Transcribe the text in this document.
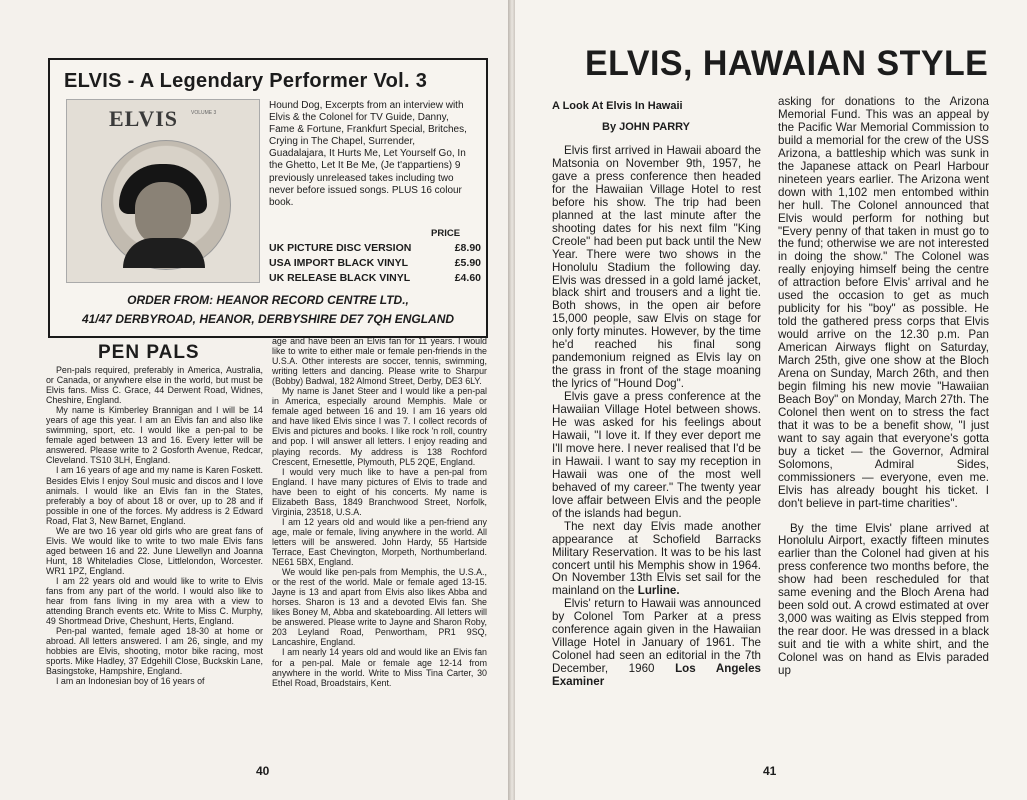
ELVIS - A Legendary Performer Vol. 3
ELVIS	VOLUME 3
Hound Dog, Excerpts from an interview with Elvis & the Colonel for TV Guide, Danny, Fame & Fortune, Frankfurt Special, Britches, Crying in The Chapel, Surrender, Guadalajara, It Hurts Me, Let Yourself Go, In the Ghetto, Let It Be Me, (Je t'appartiens) 9 previously unreleased takes including two never before issued songs. PLUS 16 colour book.
PRICE
UK PICTURE DISC VERSION	£8.90
USA IMPORT BLACK VINYL	£5.90
UK RELEASE BLACK VINYL	£4.60
ORDER FROM: HEANOR RECORD CENTRE LTD.,
41/47 DERBYROAD, HEANOR, DERBYSHIRE DE7 7QH ENGLAND
PEN PALS

Pen-pals required, preferably in America, Australia, or Canada, or anywhere else in the world, but must be Elvis fans. Miss C. Grace, 44 Derwent Road, Widnes, Cheshire, England.

My name is Kimberley Brannigan and I will be 14 years of age this year. I am an Elvis fan and also like swimming, sport, etc. I would like a pen-pal to be female aged between 13 and 16. Every letter will be answered. Please write to 2 Gosforth Avenue, Redcar, Cleveland. TS10 3LH, England.

I am 16 years of age and my name is Karen Foskett. Besides Elvis I enjoy Soul music and discos and I love animals. I would like an Elvis fan in the States, preferably a boy of about 18 or over, up to 28 and if possible in one of the forces. My address is 2 Edward Road, Flat 3, New Barnet, England.

We are two 16 year old girls who are great fans of Elvis. We would like to write to two male Elvis fans aged between 16 and 22. June Llewellyn and Joanna Hunt, 18 Whiteladies Close, Littlelondon, Worcester. WR1 1PZ, England.

I am 22 years old and would like to write to Elvis fans from any part of the world. I would also like to hear from fans living in my area with a view to attending Branch events etc. Write to Miss C. Murphy, 49 Shortmead Drive, Cheshunt, Herts, England.

Pen-pal wanted, female aged 18-30 at home or abroad. All letters answered. I am 26, single, and my hobbies are Elvis, shooting, motor bike racing, most sports. Mike Hadley, 37 Edgehill Close, Buckskin Lane, Basingstoke, Hampshire, England.

I am an Indonesian boy of 16 years of

age and have been an Elvis fan for 11 years. I would like to write to either male or female pen-friends in the U.S.A. Other interests are soccer, tennis, swimming, writing letters and dancing. Please write to Sharpur (Bobby) Badwal, 182 Almond Street, Derby, DE3 6LY.

My name is Janet Steer and I would like a pen-pal in America, especially around Memphis. Male or female aged between 16 and 19. I am 16 years old and have liked Elvis since I was 7. I collect records of Elvis and pictures and books. I like rock 'n roll, country and pop. I will answer all letters. I enjoy reading and playing records. My address is 138 Rochford Crescent, Ernesettle, Plymouth, PL5 2QE, England.

I would very much like to have a pen-pal from England. I have many pictures of Elvis to trade and have been to eight of his concerts. My name is Elizabeth Bass, 1849 Branchwood Street, Norfolk, Virginia, 23518, U.S.A.

I am 12 years old and would like a pen-friend any age, male or female, living anywhere in the world. All letters will be answered. John Hardy, 55 Hartside Terrace, East Chevington, Morpeth, Northumberland. NE61 5BX, England.

We would like pen-pals from Memphis, the U.S.A., or the rest of the world. Male or female aged 13-15. Jayne is 13 and apart from Elvis also likes Abba and horses. Sharon is 13 and a devoted Elvis fan. She likes Boney M, Abba and skateboarding. All letters will be answered. Please write to Jayne and Sharon Roby, 203 Leyland Road, Penwortham, PR1 9SQ, Lancashire, England.

I am nearly 14 years old and would like an Elvis fan for a pen-pal. Male or female age 12-14 from anywhere in the world. Write to Miss Tina Carter, 30 Ethel Road, Broadstairs, Kent.

40
ELVIS, HAWAIAN STYLE
A Look At Elvis In Hawaii
By JOHN PARRY

Elvis first arrived in Hawaii aboard the Matsonia on November 9th, 1957, he gave a press conference then headed for the Hawaiian Village Hotel to rest before his show. The trip had been planned at the last minute after the shooting dates for his next film "King Creole" had been put back until the New Year. There were two shows in the Honolulu Stadium the following day. Elvis was dressed in a gold lamé jacket, black shirt and trousers and a light tie. Both shows, in the open air before 15,000 people, saw Elvis on stage for only forty minutes. However, by the time he'd reached his final song pandemonium reigned as Elvis lay on the grass in front of the stage moaning the lyrics of "Hound Dog".

Elvis gave a press conference at the Hawaiian Village Hotel between shows. He was asked for his feelings about Hawaii, "I love it. If they ever deport me I'll move here. I never realised that I'd be in Hawaii. I want to say my reception in Hawaii was one of the most well behaved of my career." The twenty year love affair between Elvis and the people of the islands had begun.

The next day Elvis made another appearance at Schofield Barracks Military Reservation. It was to be his last concert until his Memphis show in 1964. On November 13th Elvis set sail for the mainland on the Lurline.

Elvis' return to Hawaii was announced by Colonel Tom Parker at a press conference again given in the Hawaiian Village Hotel in January of 1961. The Colonel had seen an editorial in the 7th December, 1960 Los Angeles Examiner

asking for donations to the Arizona Memorial Fund. This was an appeal by the Pacific War Memorial Commission to build a memorial for the crew of the USS Arizona, a battleship which was sunk in the Japanese attack on Pearl Harbour nineteen years earlier. The Arizona went down with 1,102 men entombed within her hull. The Colonel announced that Elvis would perform for nothing but "Every penny of that taken in must go to the fund; otherwise we are not interested in doing the show." The Colonel was really enjoying himself being the centre of attraction before Elvis' arrival and he used the occasion to get as much publicity for his "boy" as possible. He told the gathered press corps that Elvis would arrive on the 12.30 p.m. Pan American Airways flight on Saturday, March 25th, give one show at the Bloch Arena on Sunday, March 26th, and then begin filming his new movie "Hawaiian Beach Boy" on Monday, March 27th. The Colonel then went on to stress the fact that it was to be a benefit show, "I just want to say again that everyone's gotta buy a ticket — the Governor, Admiral Solomons, Admiral Sides, commissioners — everyone, even me. Elvis has already bought his ticket. I don't believe in part-time charities".

By the time Elvis' plane arrived at Honolulu Airport, exactly fifteen minutes earlier than the Colonel had given at his press conference two months before, the show had been rescheduled for that same evening and the Bloch Arena had been sold out. A crowd estimated at over 3,000 was waiting as Elvis stepped from the rear door. He was dressed in a black suit and tie with a white shirt, and the Colonel was on hand as Elvis paraded up

41
